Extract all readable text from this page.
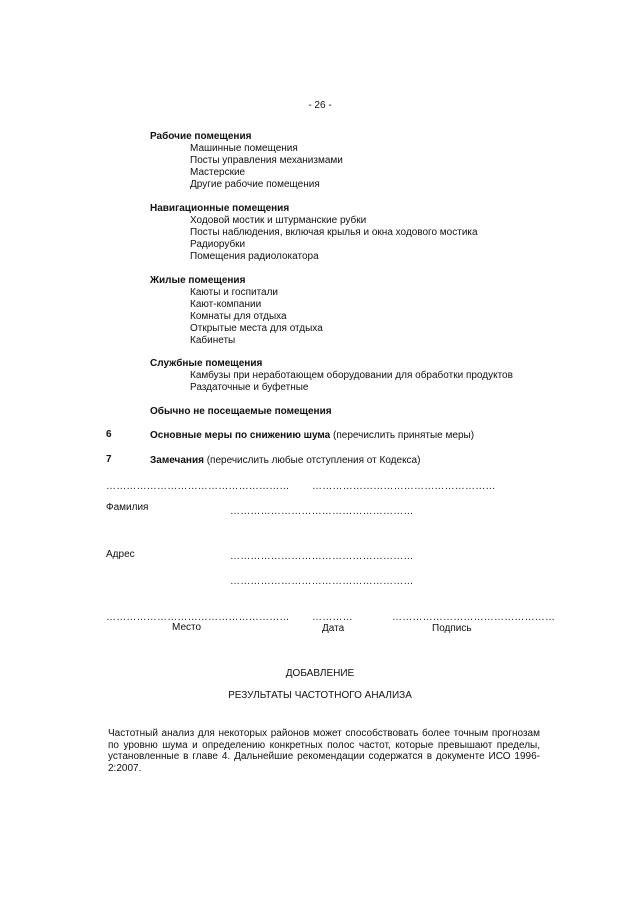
- 26 -
Рабочие помещения
Машинные помещения
Посты управления механизмами
Мастерские
Другие рабочие помещения
Навигационные помещения
Ходовой мостик и штурманские рубки
Посты наблюдения, включая крылья и окна ходового мостика
Радиорубки
Помещения радиолокатора
Жилые помещения
Каюты и госпитали
Кают-компании
Комнаты для отдыха
Открытые места для отдыха
Кабинеты
Службные помещения
Камбузы при неработающем оборудовании для обработки продуктов
Раздаточные и буфетные
Обычно не посещаемые помещения
6	Основные меры по снижению шума (перечислить принятые меры)
7	Замечания (перечислить любые отступления от Кодекса)
……………………………………………… ………………………………………………
Фамилия	………………………………………………
Адрес	………………………………………………
………………………………………………
………………………………………………	…………	…………………………………………
Место	Дата	Подпись
ДОБАВЛЕНИЕ
РЕЗУЛЬТАТЫ ЧАСТОТНОГО АНАЛИЗА
Частотный анализ для некоторых районов может способствовать более точным прогнозам по уровню шума и определению конкретных полос частот, которые превышают пределы, установленные в главе 4. Дальнейшие рекомендации содержатся в документе ИСО 1996-2:2007.
